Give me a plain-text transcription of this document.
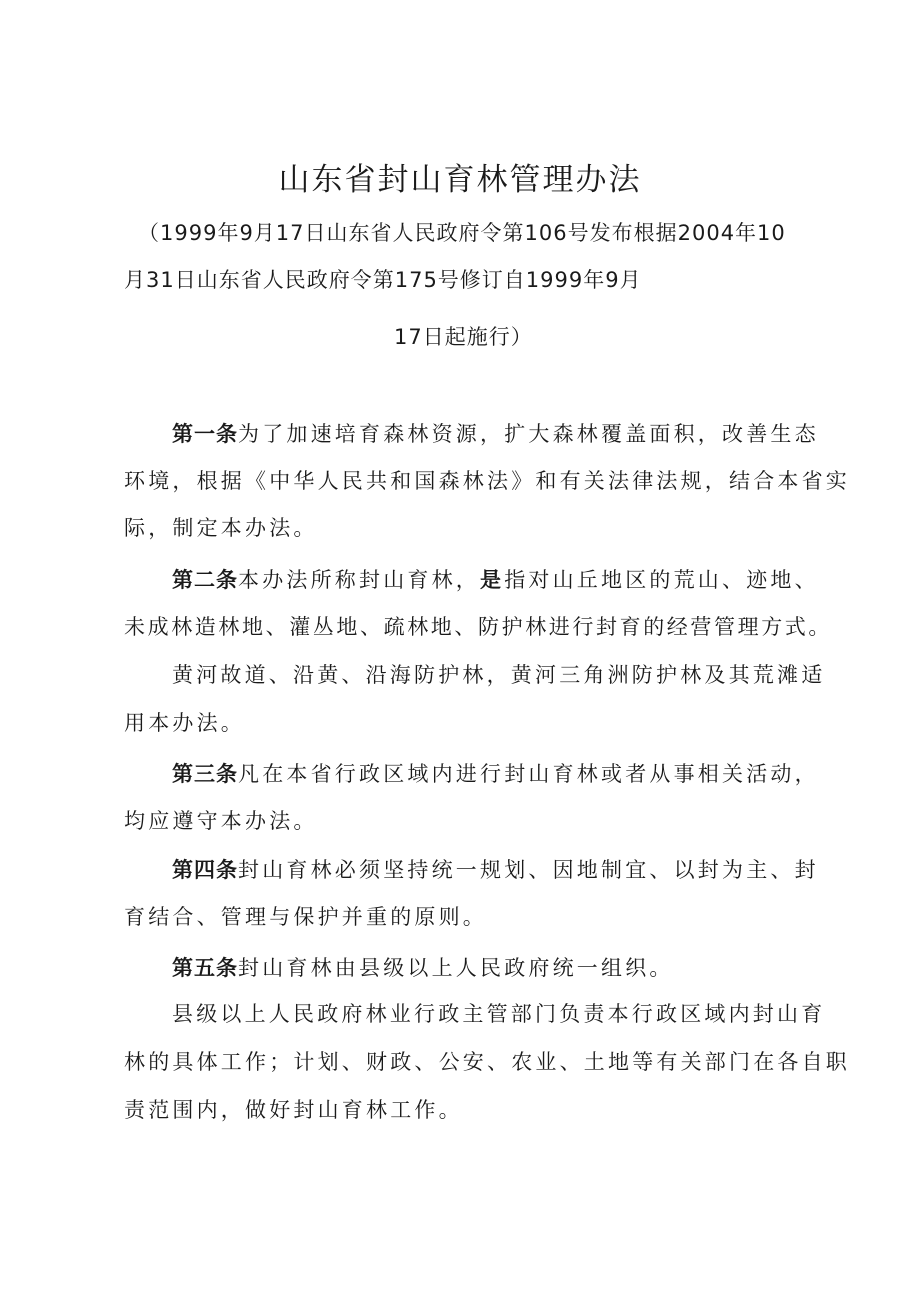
山东省封山育林管理办法
（1999年9月17日山东省人民政府令第106号发布根据2004年10
月31日山东省人民政府令第175号修订自1999年9月
17日起施行）
第一条为了加速培育森林资源，扩大森林覆盖面积，改善生态
环境，根据《中华人民共和国森林法》和有关法律法规，结合本省实
际，制定本办法。
第二条本办法所称封山育林，是指对山丘地区的荒山、迹地、
未成林造林地、灌丛地、疏林地、防护林进行封育的经营管理方式。
黄河故道、沿黄、沿海防护林，黄河三角洲防护林及其荒滩适
用本办法。
第三条凡在本省行政区域内进行封山育林或者从事相关活动，
均应遵守本办法。
第四条封山育林必须坚持统一规划、因地制宜、以封为主、封
育结合、管理与保护并重的原则。
第五条封山育林由县级以上人民政府统一组织。
县级以上人民政府林业行政主管部门负责本行政区域内封山育
林的具体工作；计划、财政、公安、农业、土地等有关部门在各自职
责范围内，做好封山育林工作。
